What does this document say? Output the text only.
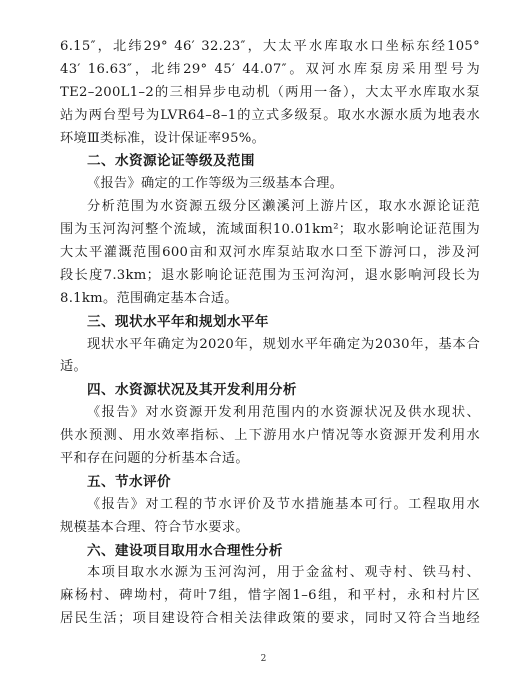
6.15″，北纬29° 46′ 32.23″，大太平水库取水口坐标东经105°
43′ 16.63″，北纬29° 45′ 44.07″。双河水库泵房采用型号为
TE2–200L1–2的三相异步电动机（两用一备），大太平水库取水泵
站为两台型号为LVR64–8–1的立式多级泵。取水水源水质为地表水
环境Ⅲ类标准，设计保证率95%。
二、水资源论证等级及范围
《报告》确定的工作等级为三级基本合理。
分析范围为水资源五级分区濑溪河上游片区，取水水源论证范
围为玉河沟河整个流域，流域面积10.01km²；取水影响论证范围为
大太平灌溉范围600亩和双河水库泵站取水口至下游河口，涉及河
段长度7.3km；退水影响论证范围为玉河沟河，退水影响河段长为
8.1km。范围确定基本合适。
三、现状水平年和规划水平年
现状水平年确定为2020年，规划水平年确定为2030年，基本合
适。
四、水资源状况及其开发利用分析
《报告》对水资源开发利用范围内的水资源状况及供水现状、
供水预测、用水效率指标、上下游用水户情况等水资源开发利用水
平和存在问题的分析基本合适。
五、节水评价
《报告》对工程的节水评价及节水措施基本可行。工程取用水
规模基本合理、符合节水要求。
六、建设项目取用水合理性分析
本项目取水水源为玉河沟河，用于金盆村、观寺村、铁马村、
麻杨村、碑坳村，荷叶7组，惜字阁1–6组，和平村，永和村片区
居民生活；项目建设符合相关法律政策的要求，同时又符合当地经
2
